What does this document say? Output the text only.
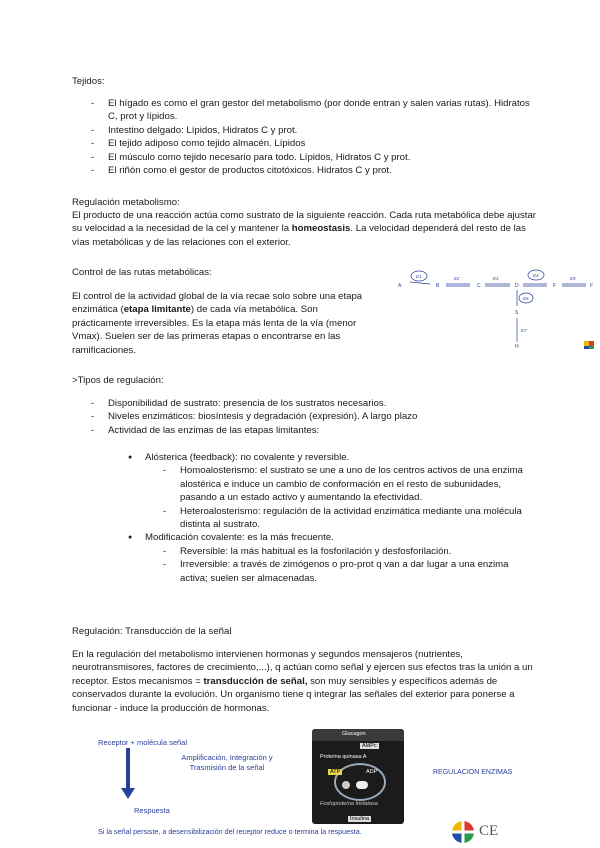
Tejidos:
- El hígado es como el gran gestor del metabolismo (por donde entran y salen varias rutas). Hidratos C, prot y lípidos.
- Intestino delgado: Lípidos, Hidratos C y prot.
- El tejido adiposo como tejido almacén. Lípidos
- El músculo como tejido necesario para todo. Lípidos, Hidratos C y prot.
- El riñón como el gestor de productos citotóxicos. Hidratos C y prot.
Regulación metabolismo:
El producto de una reacción actúa como sustrato de la siguiente reacción. Cada ruta metabólica debe ajustar su velocidad a la necesidad de la cel y mantener la homeostasis. La velocidad dependerá del resto de las vías metabólicas y de las relaciones con el exterior.
Control de las rutas metabólicas:
El control de la actividad global de la vía recae solo sobre una etapa enzimática (etapa limitante) de cada vía metabólica. Son prácticamente irreversibles. Es la etapa más lenta de la vía (menor Vmax). Suelen ser de las primeras etapas o encontrarse en las ramificaciones.
A	B	C	D	F	F
S
H
E1	E2	E3
E4
E5
E6
E7
>Tipos de regulación:
- Disponibilidad de sustrato: presencia de los sustratos necesarios.
- Niveles enzimáticos: biosíntesis y degradación (expresión). A largo plazo
- Actividad de las enzimas de las etapas limitantes:
● Alósterica (feedback): no covalente y reversible.
- Homoalosterismo: el sustrato se une a uno de los centros activos de una enzima alostérica e induce un cambio de conformación en el resto de subunidades, pasando a un estado activo y aumentando la efectividad.
- Heteroalosterismo: regulación de la actividad enzimática mediante una molécula distinta al sustrato.
● Modificación covalente: es la más frecuente.
- Reversible: la más habitual es la fosforilación y desfosforilación.
- Irreversible: a través de zimógenos o pro-prot q van a dar lugar a una enzima activa; suelen ser almacenadas.
Regulación: Transducción de la señal
En la regulación del metabolismo intervienen hormonas y segundos mensajeros (nutrientes, neurotransmisores, factores de crecimiento,...), q actúan como señal y ejercen sus efectos tras la unión a un receptor. Estos mecanismos = transducción de señal, son muy sensibles y específicos además de conservados durante la evolución. Un organismo tiene q integrar las señales del exterior para ponerse a funcionar - induce la producción de hormonas.
Receptor + molécula señal
Amplificación, Integración y Trasmisión de la señal
Respuesta
Glucagon
AMPc
Proteína quinasa A
ATP	ADP
Fosfoproteína fosfatasa
Insulina
REGULACION ENZIMAS
Si la señal persiste, a desensibilización del receptor reduce o termina la respuesta.	CE
